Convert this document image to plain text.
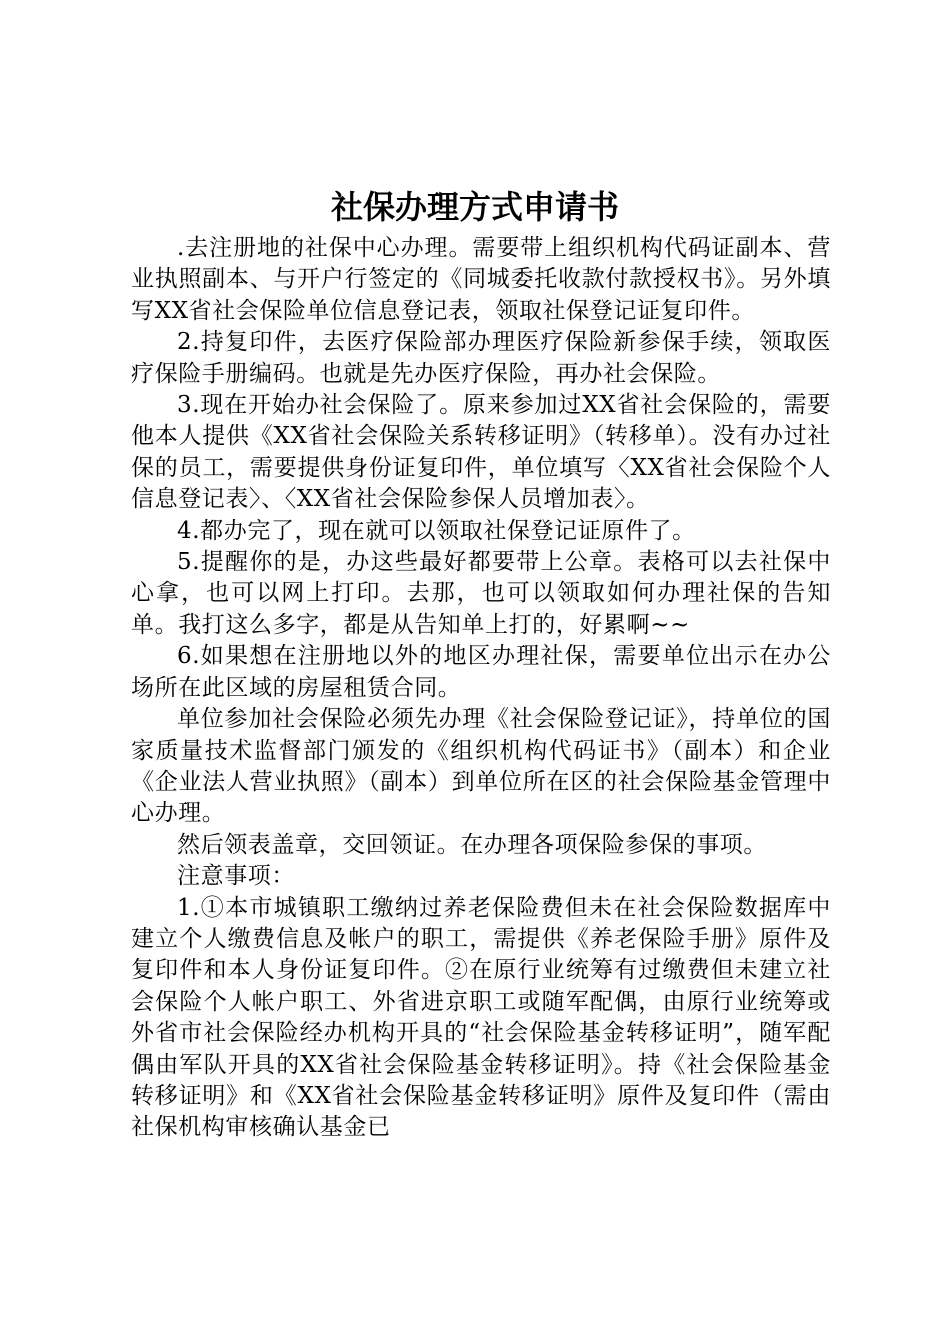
社保办理方式申请书

.去注册地的社保中心办理。需要带上组织机构代码证副本、营业执照副本、与开户行签定的《同城委托收款付款授权书》。另外填写XX省社会保险单位信息登记表，领取社保登记证复印件。

2.持复印件，去医疗保险部办理医疗保险新参保手续，领取医疗保险手册编码。也就是先办医疗保险，再办社会保险。

3.现在开始办社会保险了。原来参加过XX省社会保险的，需要他本人提供《XX省社会保险关系转移证明》（转移单）。没有办过社保的员工，需要提供身份证复印件，单位填写〈XX省社会保险个人信息登记表〉、〈XX省社会保险参保人员增加表〉。

4.都办完了，现在就可以领取社保登记证原件了。

5.提醒你的是，办这些最好都要带上公章。表格可以去社保中心拿，也可以网上打印。去那，也可以领取如何办理社保的告知单。我打这么多字，都是从告知单上打的，好累啊~~

6.如果想在注册地以外的地区办理社保，需要单位出示在办公场所在此区域的房屋租赁合同。

单位参加社会保险必须先办理《社会保险登记证》，持单位的国家质量技术监督部门颁发的《组织机构代码证书》（副本）和企业《企业法人营业执照》（副本）到单位所在区的社会保险基金管理中心办理。

然后领表盖章，交回领证。在办理各项保险参保的事项。

注意事项：

1.①本市城镇职工缴纳过养老保险费但未在社会保险数据库中建立个人缴费信息及帐户的职工，需提供《养老保险手册》原件及复印件和本人身份证复印件。②在原行业统筹有过缴费但未建立社会保险个人帐户职工、外省进京职工或随军配偶，由原行业统筹或外省市社会保险经办机构开具的“社会保险基金转移证明”，随军配偶由军队开具的XX省社会保险基金转移证明》。持《社会保险基金转移证明》和《XX省社会保险基金转移证明》原件及复印件（需由社保机构审核确认基金已
